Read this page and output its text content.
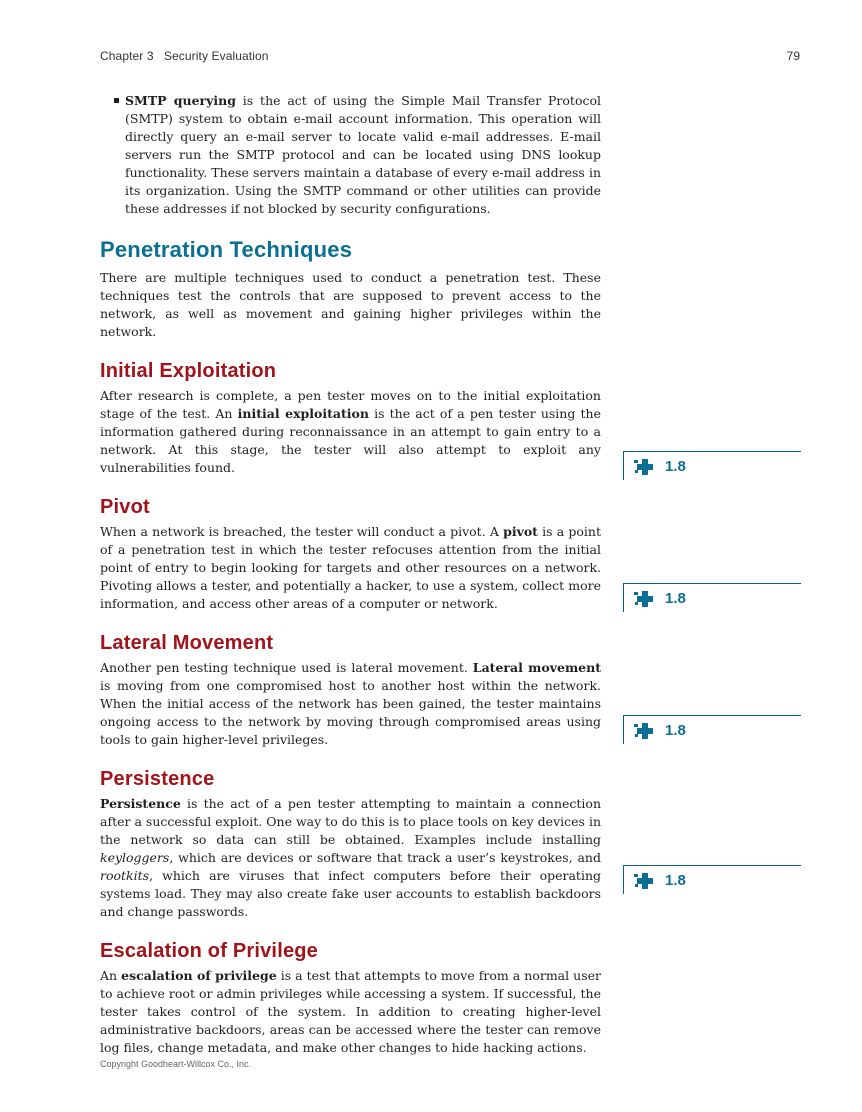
Chapter 3 Security Evaluation	79

SMTP querying is the act of using the Simple Mail Transfer Protocol (SMTP) system to obtain e-mail account information. This operation will directly query an e-mail server to locate valid e-mail addresses. E-mail servers run the SMTP protocol and can be located using DNS lookup functionality. These servers maintain a database of every e-mail address in its organization. Using the SMTP command or other utilities can provide these addresses if not blocked by security configurations.

Penetration Techniques

There are multiple techniques used to conduct a penetration test. These techniques test the controls that are supposed to prevent access to the network, as well as movement and gaining higher privileges within the network.

Initial Exploitation

After research is complete, a pen tester moves on to the initial exploitation stage of the test. An initial exploitation is the act of a pen tester using the information gathered during reconnaissance in an attempt to gain entry to a network. At this stage, the tester will also attempt to exploit any vulnerabilities found.

Pivot

When a network is breached, the tester will conduct a pivot. A pivot is a point of a penetration test in which the tester refocuses attention from the initial point of entry to begin looking for targets and other resources on a network. Pivoting allows a tester, and potentially a hacker, to use a system, collect more information, and access other areas of a computer or network.

Lateral Movement

Another pen testing technique used is lateral movement. Lateral movement is moving from one compromised host to another host within the network. When the initial access of the network has been gained, the tester maintains ongoing access to the network by moving through compromised areas using tools to gain higher-level privileges.

Persistence

Persistence is the act of a pen tester attempting to maintain a connection after a successful exploit. One way to do this is to place tools on key devices in the network so data can still be obtained. Examples include installing keyloggers, which are devices or software that track a user’s keystrokes, and rootkits, which are viruses that infect computers before their operating systems load. They may also create fake user accounts to establish backdoors and change passwords.

Escalation of Privilege

An escalation of privilege is a test that attempts to move from a normal user to achieve root or admin privileges while accessing a system. If successful, the tester takes control of the system. In addition to creating higher-level administrative backdoors, areas can be accessed where the tester can remove log files, change metadata, and make other changes to hide hacking actions.

1.8
1.8
1.8
1.8
Copyright Goodheart-Willcox Co., Inc.
